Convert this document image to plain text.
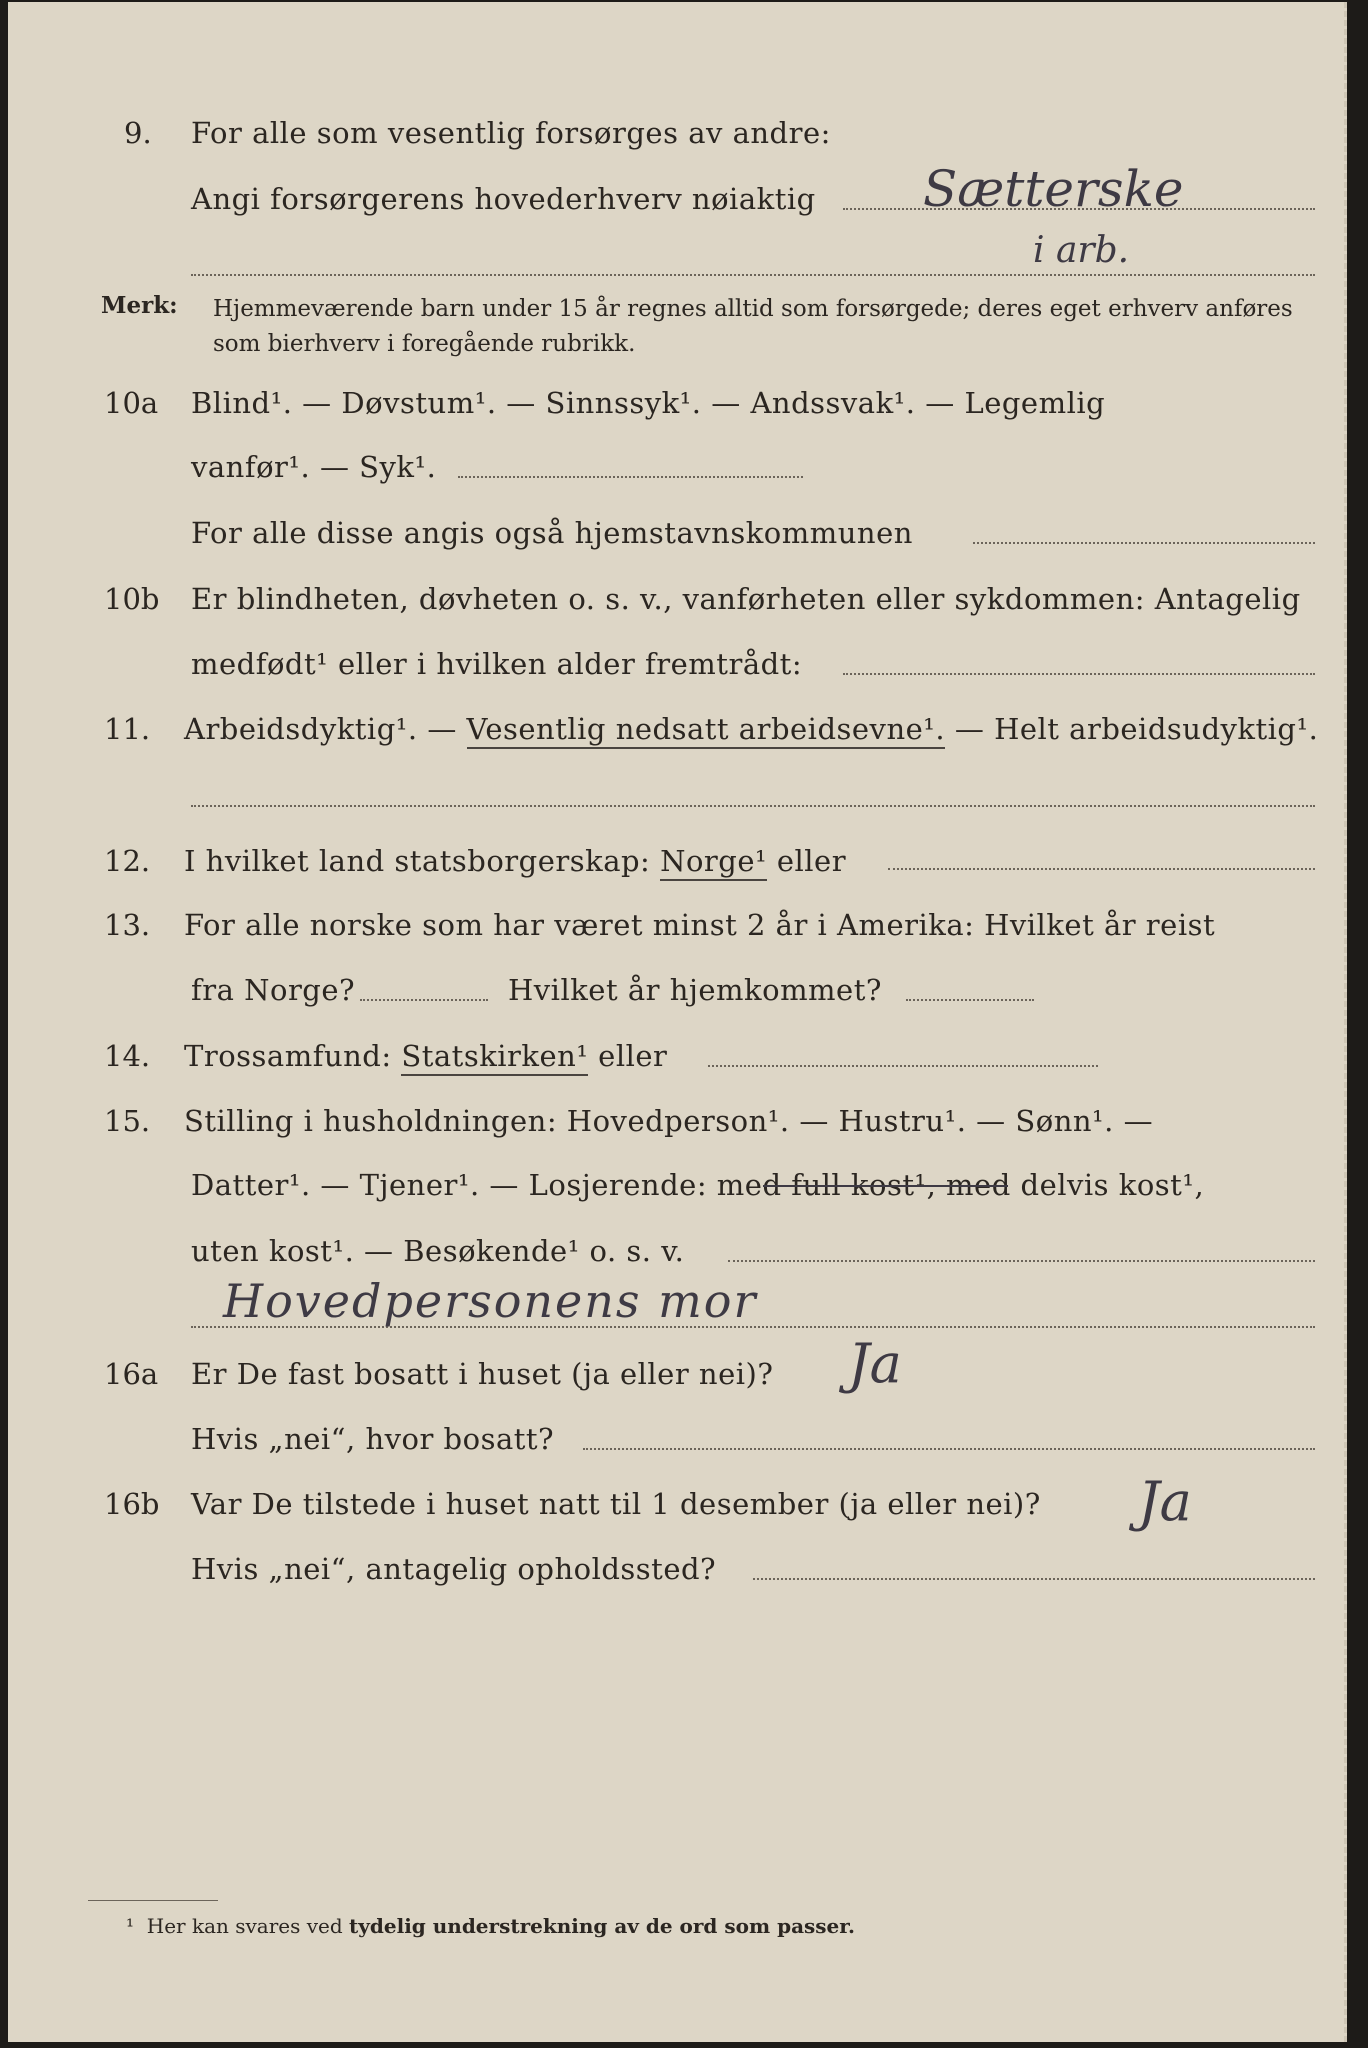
9. For alle som vesentlig forsørges av andre:
Angi forsørgerens hovederhverv nøiaktig Sætterske
i arb.
Merk: Hjemmeværende barn under 15 år regnes alltid som forsørgede; deres eget erhverv anføres som bierhverv i foregående rubrikk.
10a Blind¹. — Døvstum¹. — Sinnssyk¹. — Andssvak¹. — Legemlig
vanfør¹. — Syk¹.
For alle disse angis også hjemstavnskommunen
10b Er blindheten, døvheten o. s. v., vanførheten eller sykdommen: Antagelig
medfødt¹ eller i hvilken alder fremtrådt:
11. Arbeidsdyktig¹. — Vesentlig nedsatt arbeidsevne¹. — Helt arbeidsudyktig¹.
12. I hvilket land statsborgerskap: Norge¹ eller
13. For alle norske som har været minst 2 år i Amerika: Hvilket år reist
fra Norge?	Hvilket år hjemkommet?
14. Trossamfund: Statskirken¹ eller
15. Stilling i husholdningen: Hovedperson¹. — Hustru¹. — Sønn¹. —
Datter¹. — Tjener¹. — Losjerende: med full kost¹, med delvis kost¹,
uten kost¹. — Besøkende¹ o. s. v.
Hovedpersonens mor
16a Er De fast bosatt i huset (ja eller nei)? Ja
Hvis „nei“, hvor bosatt?
16b Var De tilstede i huset natt til 1 desember (ja eller nei)? Ja
Hvis „nei“, antagelig opholdssted?
¹ Her kan svares ved tydelig understrekning av de ord som passer.
